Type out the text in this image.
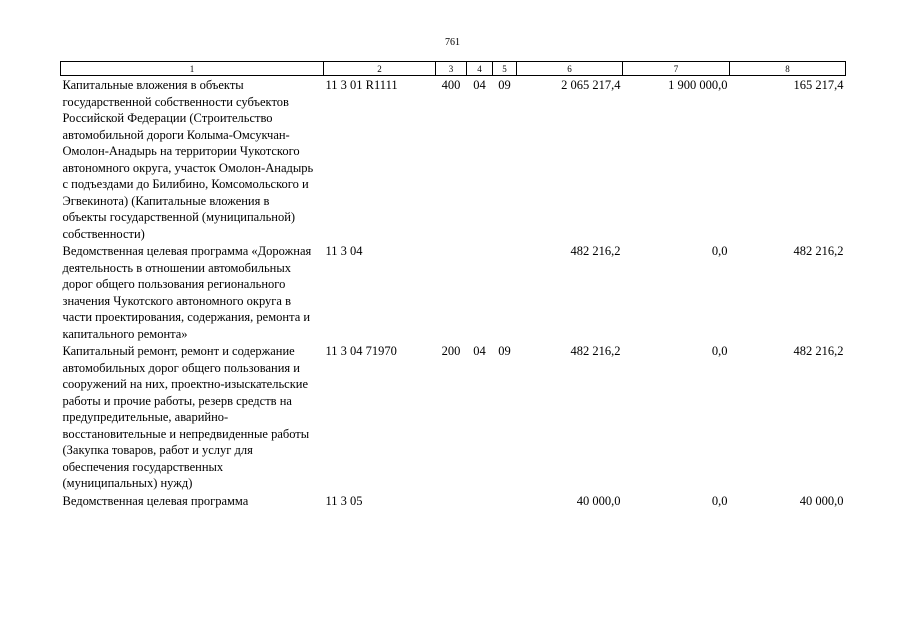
761
1	2	3	4	5	6	7	8
Капитальные вложения в объекты государственной собственности субъектов Российской Федерации (Строительство автомобильной дороги Колыма-Омсукчан-Омолон-Анадырь на территории Чукотского автономного округа, участок Омолон-Анадырь с подъездами до Билибино, Комсомольского и Эгвекинота) (Капитальные вложения в объекты государственной (муниципальной) собственности)	11 3 01 R1111	400	04	09	2 065 217,4	1 900 000,0	165 217,4
Ведомственная целевая программа «Дорожная деятельность в отношении автомобильных дорог общего пользования регионального значения Чукотского автономного округа в части проектирования, содержания, ремонта и капитального ремонта»	11 3 04				482 216,2	0,0	482 216,2
Капитальный ремонт, ремонт и содержание автомобильных дорог общего пользования и сооружений на них, проектно-изыскательские работы и прочие работы, резерв средств на предупредительные, аварийно-восстановительные и непредвиденные работы (Закупка товаров, работ и услуг для обеспечения государственных (муниципальных) нужд)	11 3 04 71970	200	04	09	482 216,2	0,0	482 216,2
Ведомственная целевая программа	11 3 05				40 000,0	0,0	40 000,0
